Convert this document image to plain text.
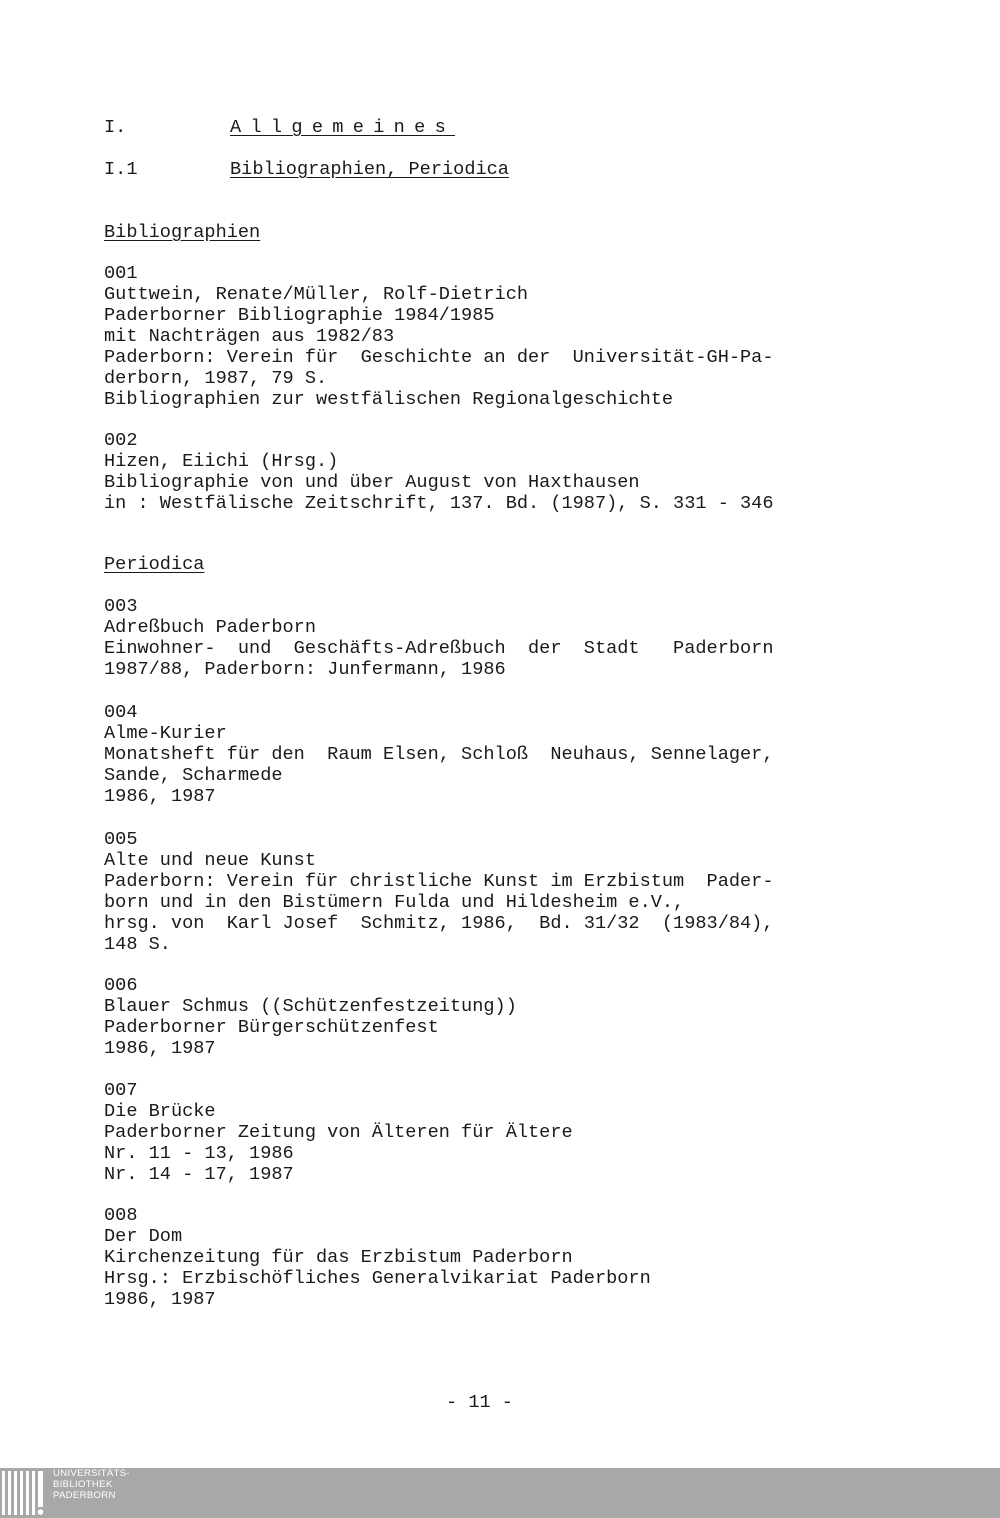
I.	Allgemeines

I.1	Bibliographien, Periodica

Bibliographien

001

Guttwein, Renate/Müller, Rolf-Dietrich

Paderborner Bibliographie 1984/1985

mit Nachträgen aus 1982/83

Paderborn: Verein für  Geschichte an der  Universität-GH-Pa-

derborn, 1987, 79 S.

Bibliographien zur westfälischen Regionalgeschichte

002

Hizen, Eiichi (Hrsg.)

Bibliographie von und über August von Haxthausen

in : Westfälische Zeitschrift, 137. Bd. (1987), S. 331 - 346

Periodica

003

Adreßbuch Paderborn

Einwohner-  und  Geschäfts-Adreßbuch  der  Stadt   Paderborn

1987/88, Paderborn: Junfermann, 1986

004

Alme-Kurier

Monatsheft für den  Raum Elsen, Schloß  Neuhaus, Sennelager,

Sande, Scharmede

1986, 1987

005

Alte und neue Kunst

Paderborn: Verein für christliche Kunst im Erzbistum  Pader-

born und in den Bistümern Fulda und Hildesheim e.V.,

hrsg. von  Karl Josef  Schmitz, 1986,  Bd. 31/32  (1983/84),

148 S.

006

Blauer Schmus ((Schützenfestzeitung))

Paderborner Bürgerschützenfest

1986, 1987

007

Die Brücke

Paderborner Zeitung von Älteren für Ältere

Nr. 11 - 13, 1986

Nr. 14 - 17, 1987

008

Der Dom

Kirchenzeitung für das Erzbistum Paderborn

Hrsg.: Erzbischöfliches Generalvikariat Paderborn

1986, 1987

- 11 -

UNIVERSITÄTS-
BIBLIOTHEK
PADERBORN
